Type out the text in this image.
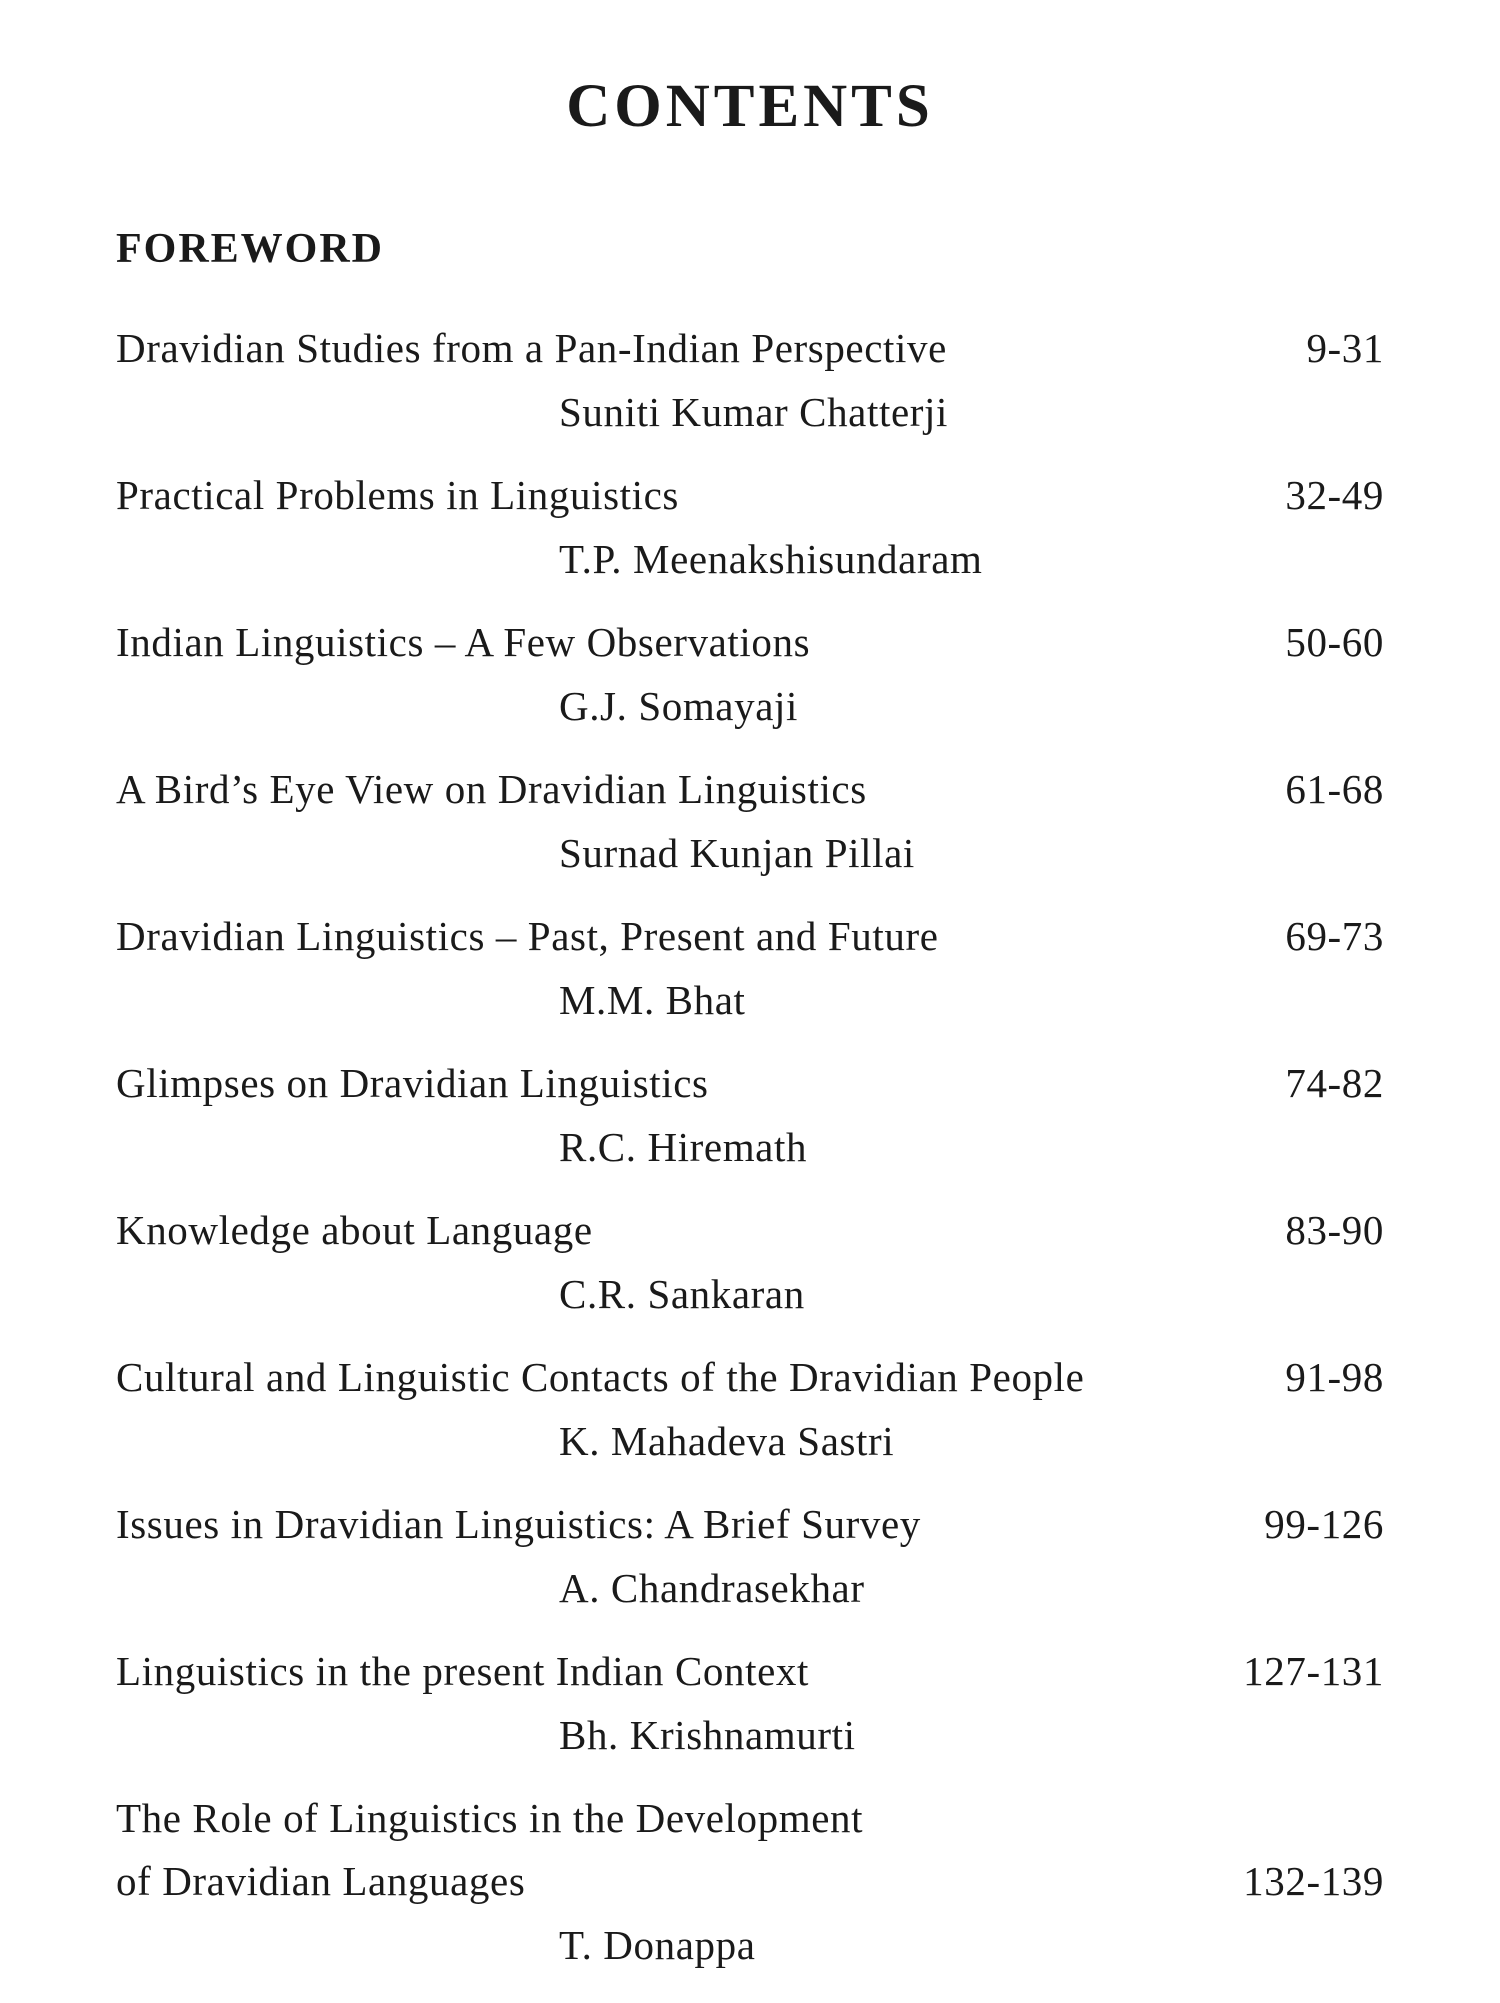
CONTENTS
FOREWORD
Dravidian Studies from a Pan-Indian Perspective	9-31
Suniti Kumar Chatterji
Practical Problems in Linguistics	32-49
T.P. Meenakshisundaram
Indian Linguistics – A Few Observations	50-60
G.J. Somayaji
A Bird’s Eye View on Dravidian Linguistics	61-68
Surnad Kunjan Pillai
Dravidian Linguistics – Past, Present and Future	69-73
M.M. Bhat
Glimpses on Dravidian Linguistics	74-82
R.C. Hiremath
Knowledge about Language	83-90
C.R. Sankaran
Cultural and Linguistic Contacts of the Dravidian People	91-98
K. Mahadeva Sastri
Issues in Dravidian Linguistics: A Brief Survey	99-126
A. Chandrasekhar
Linguistics in the present Indian Context	127-131
Bh. Krishnamurti
The Role of Linguistics in the Development
of Dravidian Languages	132-139
T. Donappa
